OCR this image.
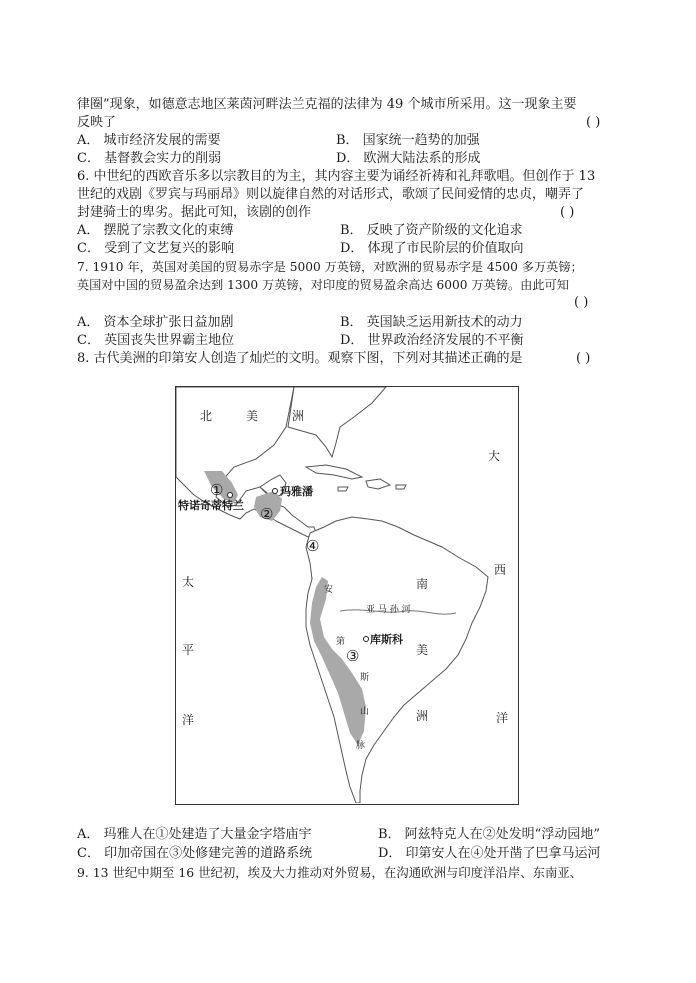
律圈”现象，如德意志地区莱茵河畔法兰克福的法律为 49 个城市所采用。这一现象主要
反映了	( )
A． 城市经济发展的需要	B． 国家统一趋势的加强
C． 基督教会实力的削弱	D． 欧洲大陆法系的形成
6. 中世纪的西欧音乐多以宗教目的为主，其内容主要为诵经祈祷和礼拜歌唱。但创作于 13
世纪的戏剧《罗宾与玛丽昂》则以旋律自然的对话形式，歌颂了民间爱情的忠贞，嘲弄了
封建骑士的卑劣。据此可知，该剧的创作	( )
A． 摆脱了宗教文化的束缚	B． 反映了资产阶级的文化追求
C． 受到了文艺复兴的影响	D． 体现了市民阶层的价值取向
7. 1910 年，英国对美国的贸易赤字是 5000 万英镑，对欧洲的贸易赤字是 4500 多万英镑；
英国对中国的贸易盈余达到 1300 万英镑，对印度的贸易盈余高达 6000 万英镑。由此可知
( )
A． 资本全球扩张日益加剧	B． 英国缺乏运用新技术的动力
C． 英国丧失世界霸主地位	D． 世界政治经济发展的不平衡
8. 古代美洲的印第安人创造了灿烂的文明。观察下图，下列对其描述正确的是	( )
北	美	洲
大
西
洋
太
平
洋
南
美
洲
亚 马 孙 河
安
第
斯
山
脉
玛雅潘
特诺奇蒂特兰
库斯科
①
②
③
④
A． 玛雅人在①处建造了大量金字塔庙宇	B． 阿兹特克人在②处发明“浮动园地”
C． 印加帝国在③处修建完善的道路系统	D． 印第安人在④处开凿了巴拿马运河
9. 13 世纪中期至 16 世纪初，埃及大力推动对外贸易，在沟通欧洲与印度洋沿岸、东南亚、
